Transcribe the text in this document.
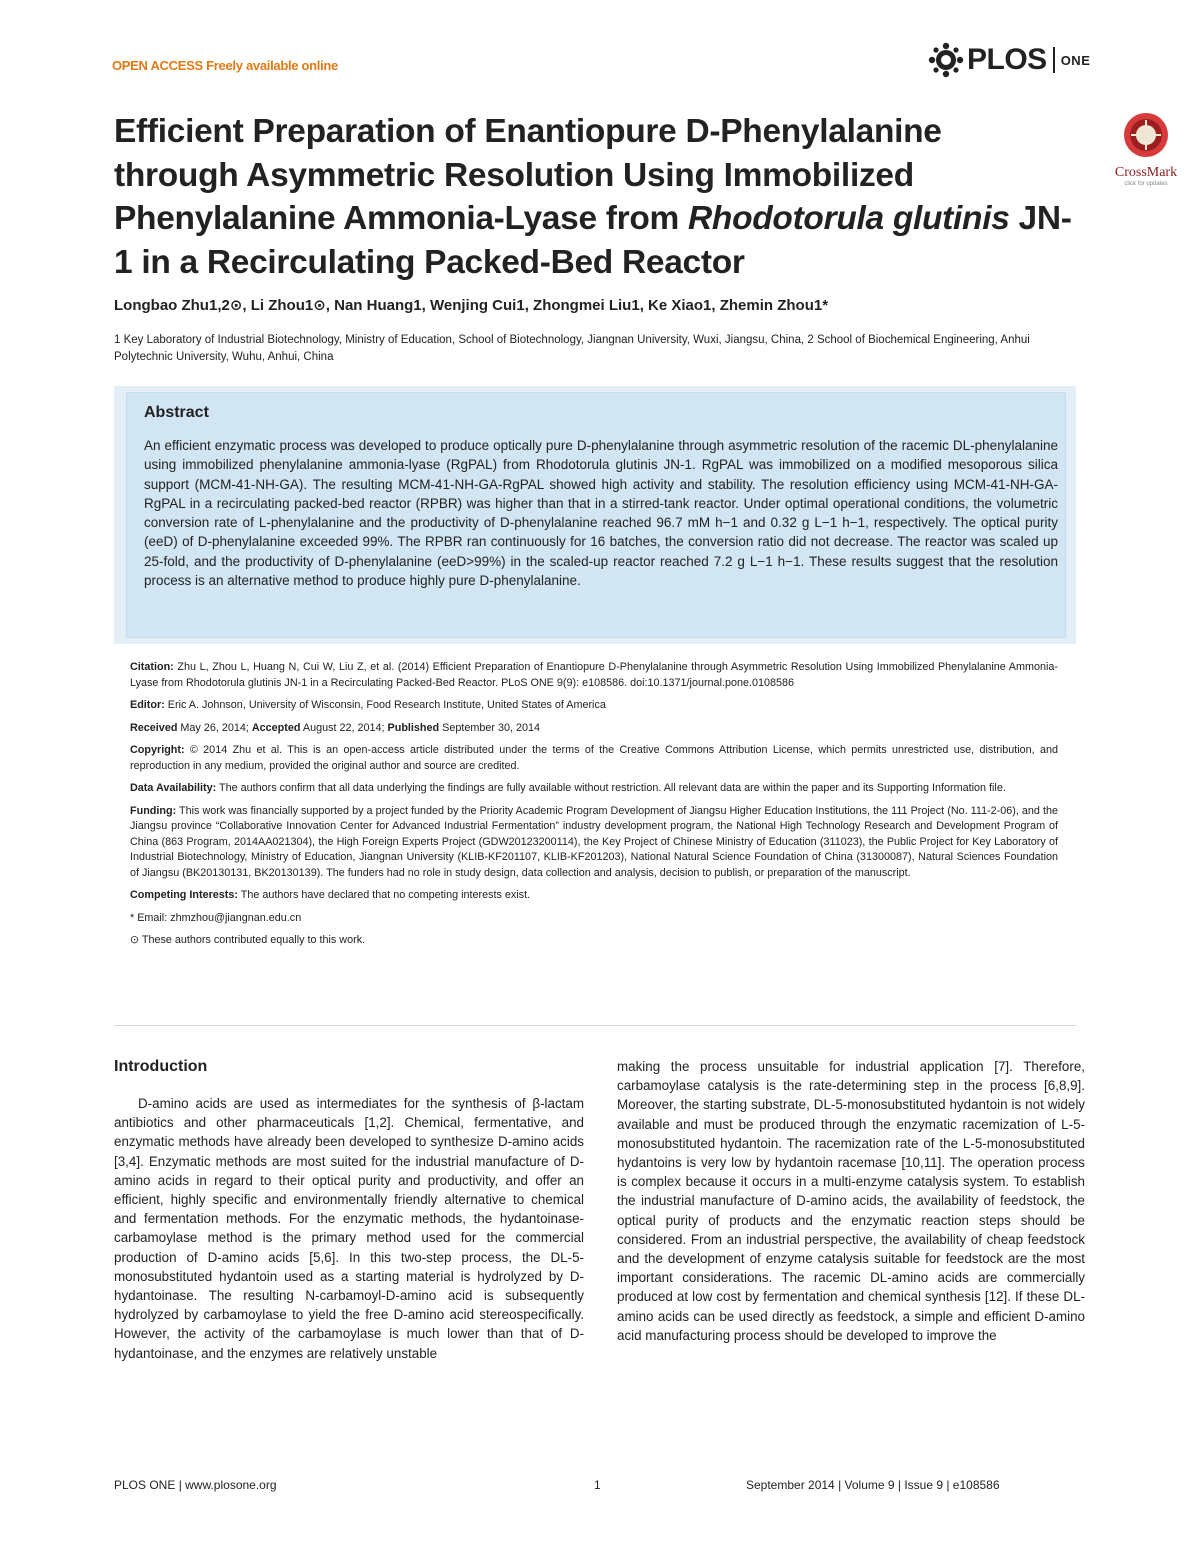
OPEN ACCESS Freely available online	PLOS ONE
Efficient Preparation of Enantiopure D-Phenylalanine through Asymmetric Resolution Using Immobilized Phenylalanine Ammonia-Lyase from Rhodotorula glutinis JN-1 in a Recirculating Packed-Bed Reactor
CrossMark
click for updates
Longbao Zhu1,2⊙, Li Zhou1⊙, Nan Huang1, Wenjing Cui1, Zhongmei Liu1, Ke Xiao1, Zhemin Zhou1*
1 Key Laboratory of Industrial Biotechnology, Ministry of Education, School of Biotechnology, Jiangnan University, Wuxi, Jiangsu, China, 2 School of Biochemical Engineering, Anhui Polytechnic University, Wuhu, Anhui, China
Abstract
An efficient enzymatic process was developed to produce optically pure D-phenylalanine through asymmetric resolution of the racemic DL-phenylalanine using immobilized phenylalanine ammonia-lyase (RgPAL) from Rhodotorula glutinis JN-1. RgPAL was immobilized on a modified mesoporous silica support (MCM-41-NH-GA). The resulting MCM-41-NH-GA-RgPAL showed high activity and stability. The resolution efficiency using MCM-41-NH-GA-RgPAL in a recirculating packed-bed reactor (RPBR) was higher than that in a stirred-tank reactor. Under optimal operational conditions, the volumetric conversion rate of L-phenylalanine and the productivity of D-phenylalanine reached 96.7 mM h−1 and 0.32 g L−1 h−1, respectively. The optical purity (eeD) of D-phenylalanine exceeded 99%. The RPBR ran continuously for 16 batches, the conversion ratio did not decrease. The reactor was scaled up 25-fold, and the productivity of D-phenylalanine (eeD>99%) in the scaled-up reactor reached 7.2 g L−1 h−1. These results suggest that the resolution process is an alternative method to produce highly pure D-phenylalanine.

Citation: Zhu L, Zhou L, Huang N, Cui W, Liu Z, et al. (2014) Efficient Preparation of Enantiopure D-Phenylalanine through Asymmetric Resolution Using Immobilized Phenylalanine Ammonia-Lyase from Rhodotorula glutinis JN-1 in a Recirculating Packed-Bed Reactor. PLoS ONE 9(9): e108586. doi:10.1371/journal.pone.0108586

Editor: Eric A. Johnson, University of Wisconsin, Food Research Institute, United States of America

Received May 26, 2014; Accepted August 22, 2014; Published September 30, 2014

Copyright: © 2014 Zhu et al. This is an open-access article distributed under the terms of the Creative Commons Attribution License, which permits unrestricted use, distribution, and reproduction in any medium, provided the original author and source are credited.

Data Availability: The authors confirm that all data underlying the findings are fully available without restriction. All relevant data are within the paper and its Supporting Information file.

Funding: This work was financially supported by a project funded by the Priority Academic Program Development of Jiangsu Higher Education Institutions, the 111 Project (No. 111-2-06), and the Jiangsu province “Collaborative Innovation Center for Advanced Industrial Fermentation” industry development program, the National High Technology Research and Development Program of China (863 Program, 2014AA021304), the High Foreign Experts Project (GDW20123200114), the Key Project of Chinese Ministry of Education (311023), the Public Project for Key Laboratory of Industrial Biotechnology, Ministry of Education, Jiangnan University (KLIB-KF201107, KLIB-KF201203), National Natural Science Foundation of China (31300087), Natural Sciences Foundation of Jiangsu (BK20130131, BK20130139). The funders had no role in study design, data collection and analysis, decision to publish, or preparation of the manuscript.

Competing Interests: The authors have declared that no competing interests exist.

* Email: zhmzhou@jiangnan.edu.cn

⊙ These authors contributed equally to this work.

Introduction
D-amino acids are used as intermediates for the synthesis of β-lactam antibiotics and other pharmaceuticals [1,2]. Chemical, fermentative, and enzymatic methods have already been developed to synthesize D-amino acids [3,4]. Enzymatic methods are most suited for the industrial manufacture of D-amino acids in regard to their optical purity and productivity, and offer an efficient, highly specific and environmentally friendly alternative to chemical and fermentation methods. For the enzymatic methods, the hydantoinase-carbamoylase method is the primary method used for the commercial production of D-amino acids [5,6]. In this two-step process, the DL-5-monosubstituted hydantoin used as a starting material is hydrolyzed by D-hydantoinase. The resulting N-carbamoyl-D-amino acid is subsequently hydrolyzed by carbamoylase to yield the free D-amino acid stereospecifically. However, the activity of the carbamoylase is much lower than that of D-hydantoinase, and the enzymes are relatively unstable
making the process unsuitable for industrial application [7]. Therefore, carbamoylase catalysis is the rate-determining step in the process [6,8,9]. Moreover, the starting substrate, DL-5-monosubstituted hydantoin is not widely available and must be produced through the enzymatic racemization of L-5-monosubstituted hydantoin. The racemization rate of the L-5-monosubstituted hydantoins is very low by hydantoin racemase [10,11]. The operation process is complex because it occurs in a multi-enzyme catalysis system. To establish the industrial manufacture of D-amino acids, the availability of feedstock, the optical purity of products and the enzymatic reaction steps should be considered. From an industrial perspective, the availability of cheap feedstock and the development of enzyme catalysis suitable for feedstock are the most important considerations. The racemic DL-amino acids are commercially produced at low cost by fermentation and chemical synthesis [12]. If these DL-amino acids can be used directly as feedstock, a simple and efficient D-amino acid manufacturing process should be developed to improve the
PLOS ONE | www.plosone.org	1	September 2014 | Volume 9 | Issue 9 | e108586
